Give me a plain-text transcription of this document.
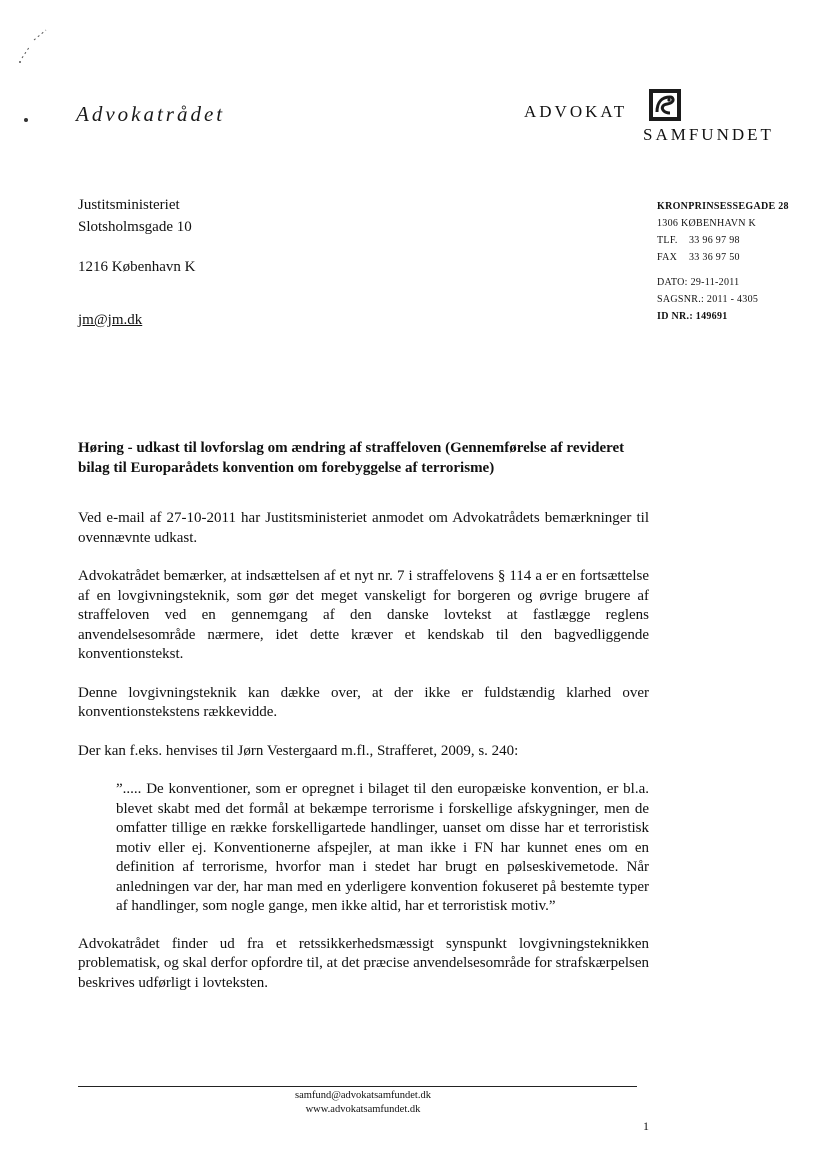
Advokatrådet	ADVOKAT
SAMFUNDET
Justitsministeriet
Slotsholmsgade 10
1216 København K
jm@jm.dk
KRONPRINSESSEGADE 28
1306 KØBENHAVN K
TLF. 33 96 97 98
FAX 33 36 97 50
DATO: 29-11-2011
SAGSNR.: 2011 - 4305
ID NR.: 149691
Høring - udkast til lovforslag om ændring af straffeloven (Gennemførelse af revideret bilag til Europarådets konvention om forebyggelse af terrorisme)

Ved e-mail af 27-10-2011 har Justitsministeriet anmodet om Advokatrådets bemærkninger til ovennævnte udkast.

Advokatrådet bemærker, at indsættelsen af et nyt nr. 7 i straffelovens § 114 a er en fortsættelse af en lovgivningsteknik, som gør det meget vanskeligt for borgeren og øvrige brugere af straffeloven ved en gennemgang af den danske lovtekst at fastlægge reglens anvendelsesområde nærmere, idet dette kræver et kendskab til den bagvedliggende konventionstekst.

Denne lovgivningsteknik kan dække over, at der ikke er fuldstændig klarhed over konventionstekstens rækkevidde.

Der kan f.eks. henvises til Jørn Vestergaard m.fl., Strafferet, 2009, s. 240:

”..... De konventioner, som er opregnet i bilaget til den europæiske konvention, er bl.a. blevet skabt med det formål at bekæmpe terrorisme i forskellige afskygninger, men de omfatter tillige en række forskelligartede handlinger, uanset om disse har et terroristisk motiv eller ej. Konventionerne afspejler, at man ikke i FN har kunnet enes om en definition af terrorisme, hvorfor man i stedet har brugt en pølseskivemetode. Når anledningen var der, har man med en yderligere konvention fokuseret på bestemte typer af handlinger, som nogle gange, men ikke altid, har et terroristisk motiv.”

Advokatrådet finder ud fra et retssikkerhedsmæssigt synspunkt lovgivningsteknikken problematisk, og skal derfor opfordre til, at det præcise anvendelsesområde for strafskærpelsen beskrives udførligt i lovteksten.

samfund@advokatsamfundet.dk
www.advokatsamfundet.dk
1
